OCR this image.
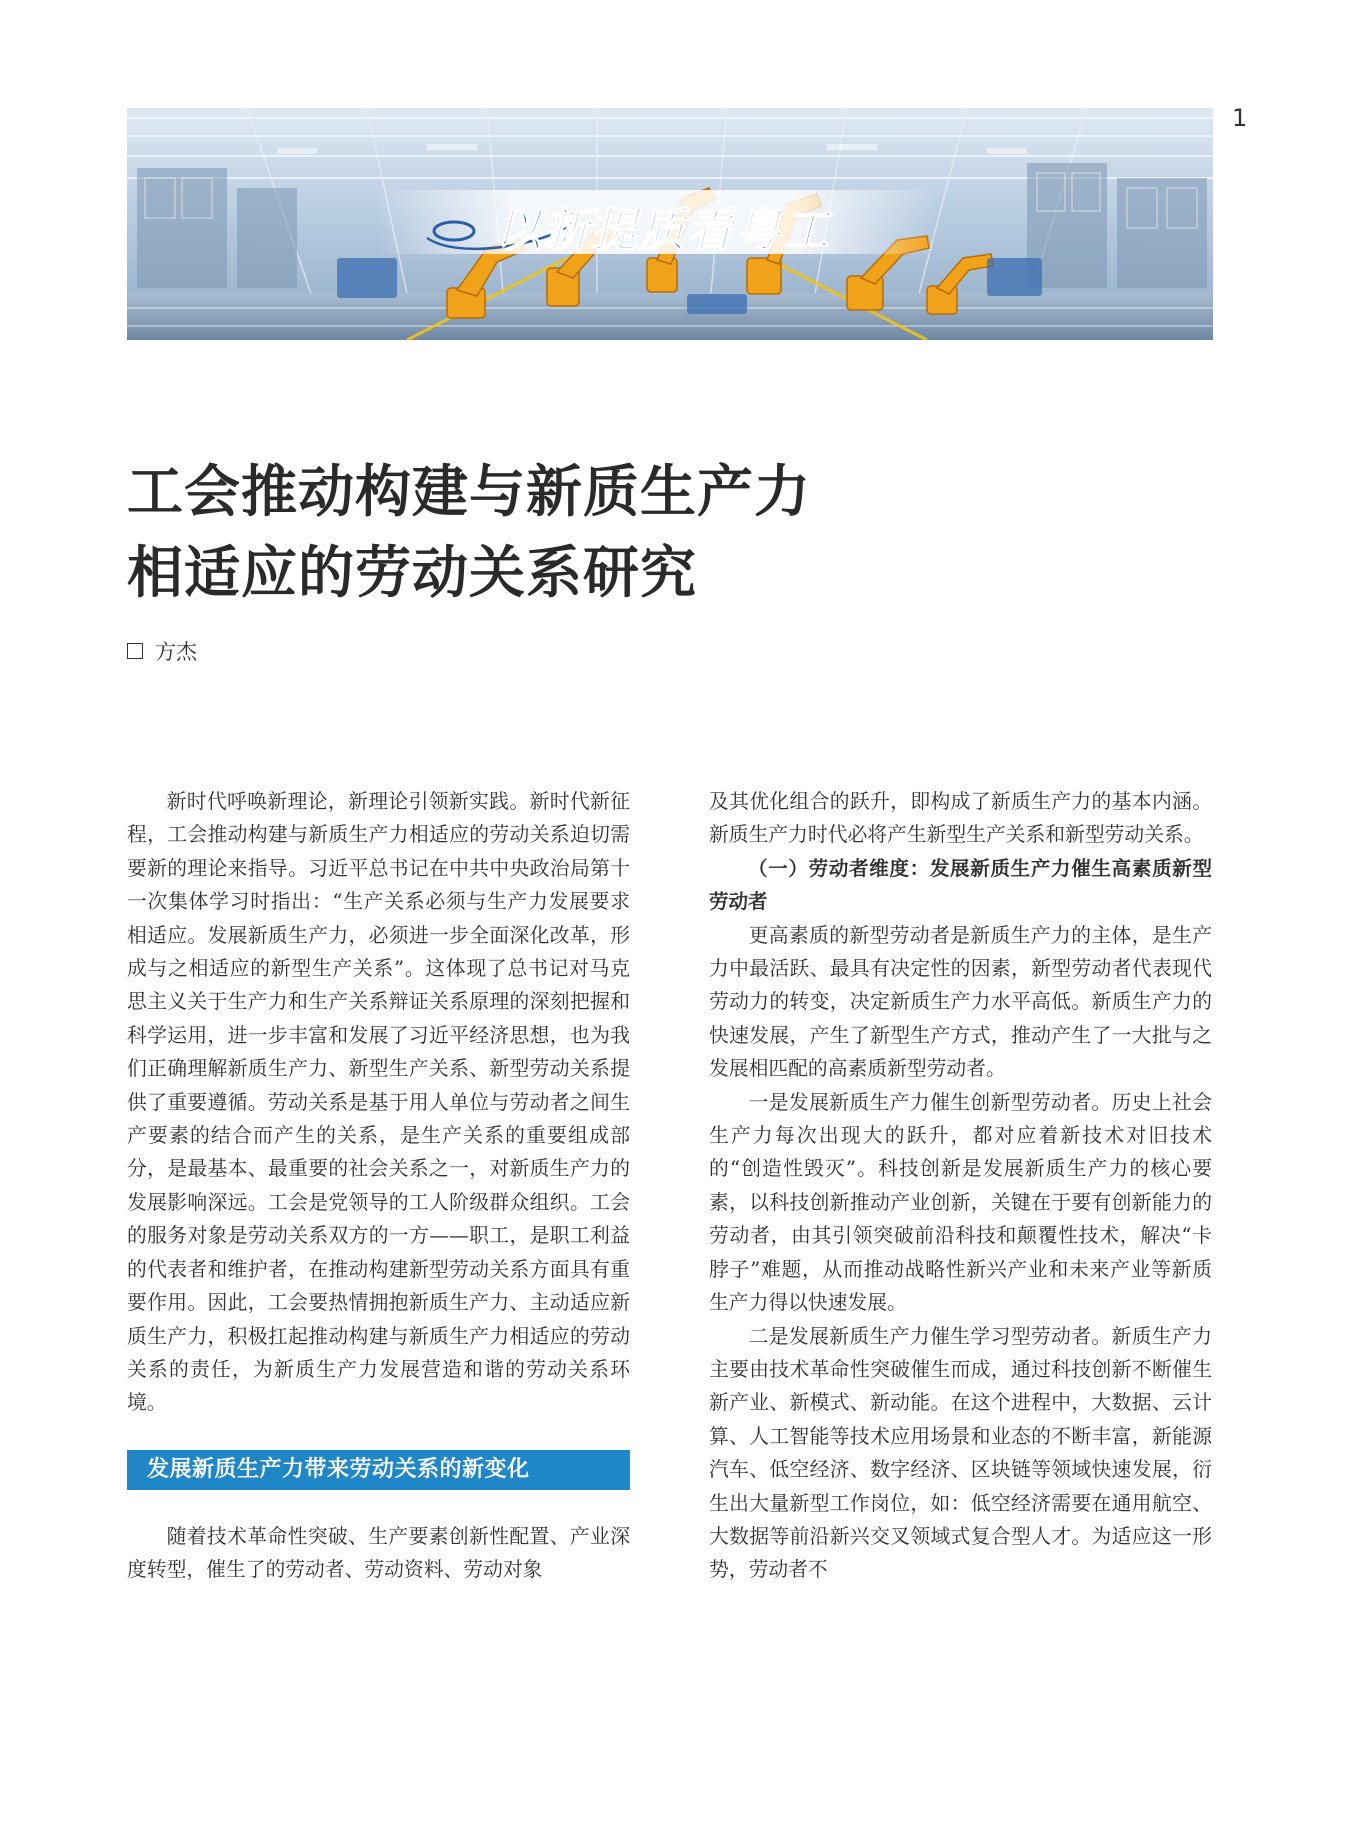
1
以新提质看粤工
工会推动构建与新质生产力
相适应的劳动关系研究
方杰

新时代呼唤新理论，新理论引领新实践。新时代新征程，工会推动构建与新质生产力相适应的劳动关系迫切需要新的理论来指导。习近平总书记在中共中央政治局第十一次集体学习时指出：“生产关系必须与生产力发展要求相适应。发展新质生产力，必须进一步全面深化改革，形成与之相适应的新型生产关系”。这体现了总书记对马克思主义关于生产力和生产关系辩证关系原理的深刻把握和科学运用，进一步丰富和发展了习近平经济思想，也为我们正确理解新质生产力、新型生产关系、新型劳动关系提供了重要遵循。劳动关系是基于用人单位与劳动者之间生产要素的结合而产生的关系，是生产关系的重要组成部分，是最基本、最重要的社会关系之一，对新质生产力的发展影响深远。工会是党领导的工人阶级群众组织。工会的服务对象是劳动关系双方的一方——职工，是职工利益的代表者和维护者，在推动构建新型劳动关系方面具有重要作用。因此，工会要热情拥抱新质生产力、主动适应新质生产力，积极扛起推动构建与新质生产力相适应的劳动关系的责任，为新质生产力发展营造和谐的劳动关系环境。

发展新质生产力带来劳动关系的新变化

随着技术革命性突破、生产要素创新性配置、产业深度转型，催生了的劳动者、劳动资料、劳动对象

及其优化组合的跃升，即构成了新质生产力的基本内涵。新质生产力时代必将产生新型生产关系和新型劳动关系。

（一）劳动者维度：发展新质生产力催生高素质新型劳动者

更高素质的新型劳动者是新质生产力的主体，是生产力中最活跃、最具有决定性的因素，新型劳动者代表现代劳动力的转变，决定新质生产力水平高低。新质生产力的快速发展，产生了新型生产方式，推动产生了一大批与之发展相匹配的高素质新型劳动者。

一是发展新质生产力催生创新型劳动者。历史上社会生产力每次出现大的跃升，都对应着新技术对旧技术的“创造性毁灭”。科技创新是发展新质生产力的核心要素，以科技创新推动产业创新，关键在于要有创新能力的劳动者，由其引领突破前沿科技和颠覆性技术，解决“卡脖子”难题，从而推动战略性新兴产业和未来产业等新质生产力得以快速发展。

二是发展新质生产力催生学习型劳动者。新质生产力主要由技术革命性突破催生而成，通过科技创新不断催生新产业、新模式、新动能。在这个进程中，大数据、云计算、人工智能等技术应用场景和业态的不断丰富，新能源汽车、低空经济、数字经济、区块链等领域快速发展，衍生出大量新型工作岗位，如：低空经济需要在通用航空、大数据等前沿新兴交叉领域式复合型人才。为适应这一形势，劳动者不
